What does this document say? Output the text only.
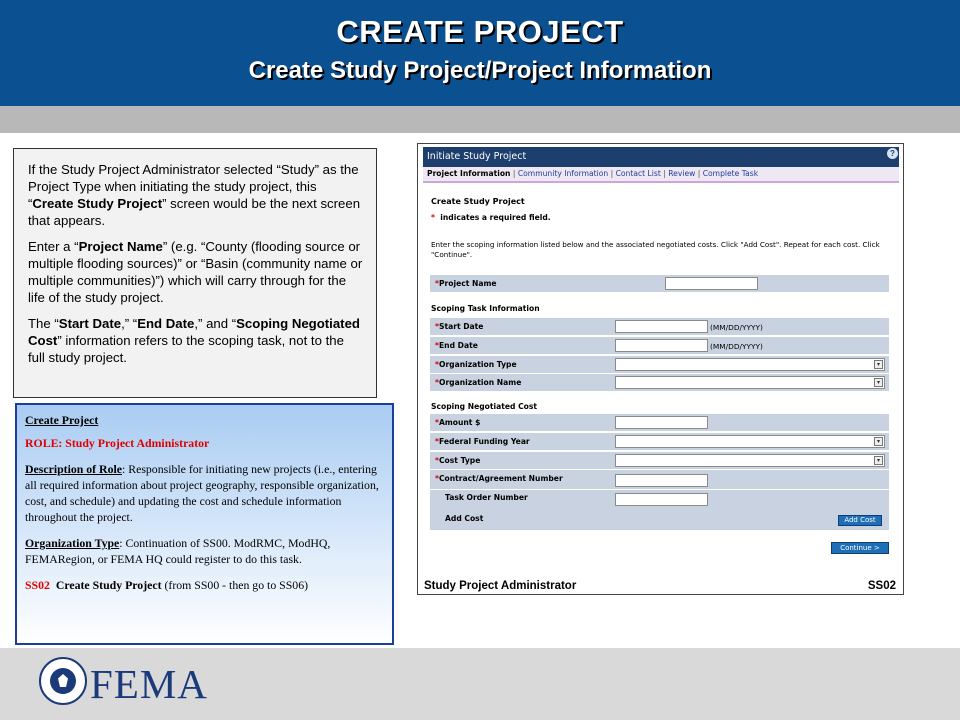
CREATE PROJECT
Create Study Project/Project Information

If the Study Project Administrator selected “Study” as the Project Type when initiating the study project, this “Create Study Project” screen would be the next screen that appears.

Enter a “Project Name” (e.g. “County (flooding source or multiple flooding sources)” or “Basin (community name or multiple communities)”) which will carry through for the life of the study project.

The “Start Date,” “End Date,” and “Scoping Negotiated Cost” information refers to the scoping task, not to the full study project.

Create Project

ROLE: Study Project Administrator

Description of Role: Responsible for initiating new projects (i.e., entering all required information about project geography, responsible organization, cost, and schedule) and updating the cost and schedule information throughout the project.

Organization Type: Continuation of SS00. ModRMC, ModHQ, FEMARegion, or FEMA HQ could register to do this task.

SS02 Create Study Project (from SS00 - then go to SS06)

Initiate Study Project	?
Project Information | Community Information | Contact List | Review | Complete Task
Create Study Project
* indicates a required field.
Enter the scoping information listed below and the associated negotiated costs. Click "Add Cost". Repeat for each cost. Click "Continue".
*Project Name
Scoping Task Information
*Start Date	(MM/DD/YYYY)
*End Date	(MM/DD/YYYY)
*Organization Type	▾
*Organization Name	▾
Scoping Negotiated Cost
*Amount $
*Federal Funding Year	▾
*Cost Type	▾
*Contract/Agreement Number
Task Order Number
Add Cost	Add Cost
Continue >
Study Project Administrator	SS02
FEMA
